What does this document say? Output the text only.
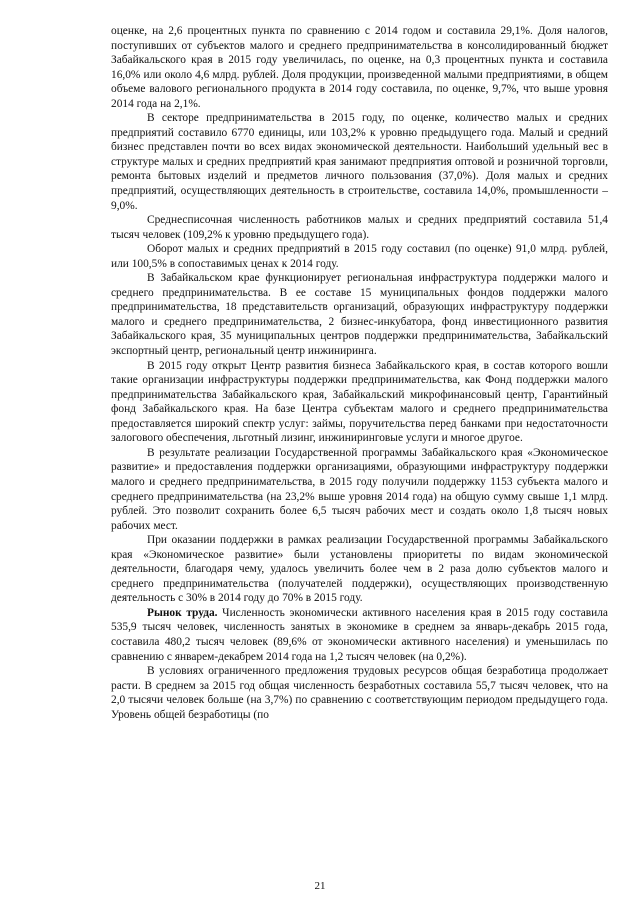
оценке, на 2,6 процентных пункта по сравнению с 2014 годом и составила 29,1%. Доля налогов, поступивших от субъектов малого и среднего предпринимательства в консолидированный бюджет Забайкальского края в 2015 году увеличилась, по оценке, на 0,3 процентных пункта и составила 16,0% или около 4,6 млрд. рублей. Доля продукции, произведенной малыми предприятиями, в общем объеме валового регионального продукта в 2014 году составила, по оценке, 9,7%, что выше уровня 2014 года на 2,1%.

В секторе предпринимательства в 2015 году, по оценке, количество малых и средних предприятий составило 6770 единицы, или 103,2% к уровню предыдущего года. Малый и средний бизнес представлен почти во всех видах экономической деятельности. Наибольший удельный вес в структуре малых и средних предприятий края занимают предприятия оптовой и розничной торговли, ремонта бытовых изделий и предметов личного пользования (37,0%). Доля малых и средних предприятий, осуществляющих деятельность в строительстве, составила 14,0%, промышленности – 9,0%.

Среднесписочная численность работников малых и средних предприятий составила 51,4 тысяч человек (109,2% к уровню предыдущего года).

Оборот малых и средних предприятий в 2015 году составил (по оценке) 91,0 млрд. рублей, или 100,5% в сопоставимых ценах к 2014 году.

В Забайкальском крае функционирует региональная инфраструктура поддержки малого и среднего предпринимательства. В ее составе 15 муниципальных фондов поддержки малого предпринимательства, 18 представительств организаций, образующих инфраструктуру поддержки малого и среднего предпринимательства, 2 бизнес-инкубатора, фонд инвестиционного развития Забайкальского края, 35 муниципальных центров поддержки предпринимательства, Забайкальский экспортный центр, региональный центр инжиниринга.

В 2015 году открыт Центр развития бизнеса Забайкальского края, в состав которого вошли такие организации инфраструктуры поддержки предпринимательства, как Фонд поддержки малого предпринимательства Забайкальского края, Забайкальский микрофинансовый центр, Гарантийный фонд Забайкальского края. На базе Центра субъектам малого и среднего предпринимательства предоставляется широкий спектр услуг: займы, поручительства перед банками при недостаточности залогового обеспечения, льготный лизинг, инжиниринговые услуги и многое другое.

В результате реализации Государственной программы Забайкальского края «Экономическое развитие» и предоставления поддержки организациями, образующими инфраструктуру поддержки малого и среднего предпринимательства, в 2015 году получили поддержку 1153 субъекта малого и среднего предпринимательства (на 23,2% выше уровня 2014 года) на общую сумму свыше 1,1 млрд. рублей. Это позволит сохранить более 6,5 тысяч рабочих мест и создать около 1,8 тысяч новых рабочих мест.

При оказании поддержки в рамках реализации Государственной программы Забайкальского края «Экономическое развитие» были установлены приоритеты по видам экономической деятельности, благодаря чему, удалось увеличить более чем в 2 раза долю субъектов малого и среднего предпринимательства (получателей поддержки), осуществляющих производственную деятельность с 30% в 2014 году до 70% в 2015 году.

Рынок труда. Численность экономически активного населения края в 2015 году составила 535,9 тысяч человек, численность занятых в экономике в среднем за январь-декабрь 2015 года, составила 480,2 тысяч человек (89,6% от экономически активного населения) и уменьшилась по сравнению с январем-декабрем 2014 года на 1,2 тысяч человек (на 0,2%).

В условиях ограниченного предложения трудовых ресурсов общая безработица продолжает расти. В среднем за 2015 год общая численность безработных составила 55,7 тысяч человек, что на 2,0 тысячи человек больше (на 3,7%) по сравнению с соответствующим периодом предыдущего года. Уровень общей безработицы (по

21
